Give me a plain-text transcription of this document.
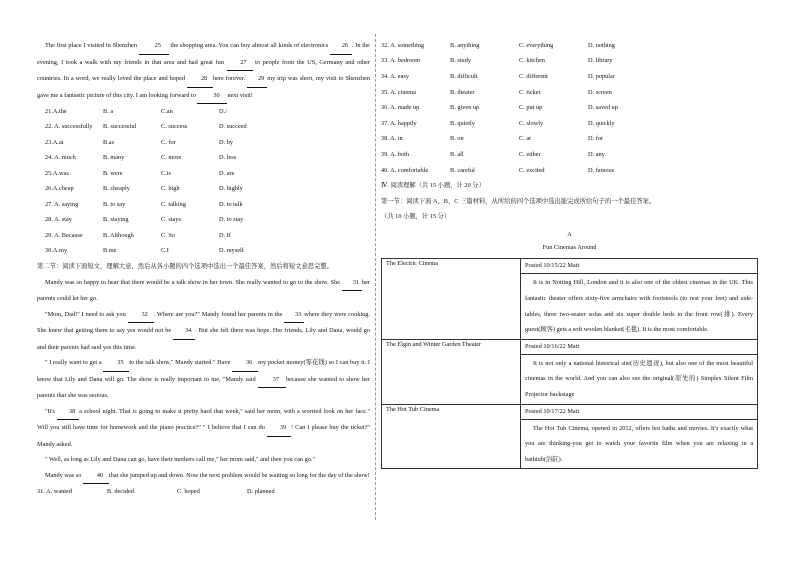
The first place I visited in Shenzhen	25 the shopping area. You can buy almost all kinds of electronics 26 . In the evening, I took a walk with my friends in that area and had great fun	27 to people from the US, Germany and other countries. In a word, we really loved the place and hoped	28 here forever. 29 my trip was short, my visit to Shenzhen gave me a fantastic picture of this city. I am looking forward to	30 next visit!

21.A.the	B. a	C.an	D./
22. A. successfully	B. successful	C. success	D. succeed
23.A.at	B.as	C. for	D. by
24. A. much	B. many	C. more	D. less
25.A.was	B. were	C.is	D. are
26.A.cheap	B. cheaply	C. high	D. highly
27. A. saying	B. to say	C. talking	D. to talk
28. A. stay	B. staying	C. stays	D. to stay
29. A. Because	B. Although	C. So	D. If
30.A.my	B.me	C.I	D. myself

第二节：阅读下面短文，理解大意，然后从各小题的四个选项中选出一个最佳答案，然后将短文意思完整。

Mandy was so happy to hear that there would be a talk show in her town. She really wanted to go to the show. She 31 her parents could let her go.

"Mom, Dad!" I need to ask you 32 . Where are you?" Mandy found her parents in the 33 where they were cooking. She knew that getting them to say yes would not be 34 . But she felt there was hope. Her friends, Lily and Dana, would go and their parents had said yes this time.

" I really want to get a 35 to the talk show," Mandy started." Have 36 my pocket money(零花钱) so I can buy it. I know that Lily and Dana will go. The show is really important to me, "Mandy said	37 because she wanted to show her parents that she was serious.

"It's 38 a school night. That is going to make it pretty hard that week," said her mom, with a worried look on her face." Will you still have time for homework and the piano practice?" " I believe that I can do 39 ! Can I please buy the ticket?" Mandy asked.

" Well, as long as Lily and Dana can go, have their mothers call me," her mom said," and then you can go."

Mandy was so 40 that she jumped up and down. Now the next problem would be waiting so long for the day of the show!

31. A. wanted	B. decided	C. hoped	D. planned
32. A. something	B. anything	C. everything	D. nothing
33. A. bedroom	B. study	C. kitchen	D. library
34. A. easy	B. difficult	C. different	D. popular
35. A. cinema	B. theater	C. ticket	D. screen
36. A. made up	B. given up	C. put up	D. saved up
37. A. happily	B. quietly	C. slowly	D. quickly
38. A. in	B. on	C. at	D. for
39. A. both	B. all	C. either	D. any
40. A. comfortable	B. careful	C. excited	D. famous

Ⅳ. 阅读理解（共 15 小题，计 20 分）

第一节：阅读下面 A、B、C 三篇材料，从所给的四个选项中选出能完成所给句子的一个最佳答案。

（共 10 小题，计 15 分）

A

Fun Cinemas Around

The Electric Cinema	Posted 10/15/22 Matt
	It is in Notting Hill, London and it is also one of the oldest cinemas in the UK. This fantastic theater offers sixty-five armchairs with footstools (to rest your feet) and side-tables, three two-seater sofas and six super double beds in the front row(排). Every guest(顾客) gets a soft woolen blanket(毛毯). It is the most comfortable.
The Elgin and Winter Garden Theater	Posted 10/16/22 Matt
	It is not only a national historical site(历史遗迹), but also one of the most beautiful cinemas in the world. And you can also see the original(原先的) Simplex Silent Film Projector backstage
The Hot Tub Cinema	Posted 10/17/22 Matt
	The Hot Tub Cinema, opened in 2012, offers hot baths and movies. It's exactly what you are thinking-you get to watch your favorite film when you are relaxing in a bathtub(浴缸).
